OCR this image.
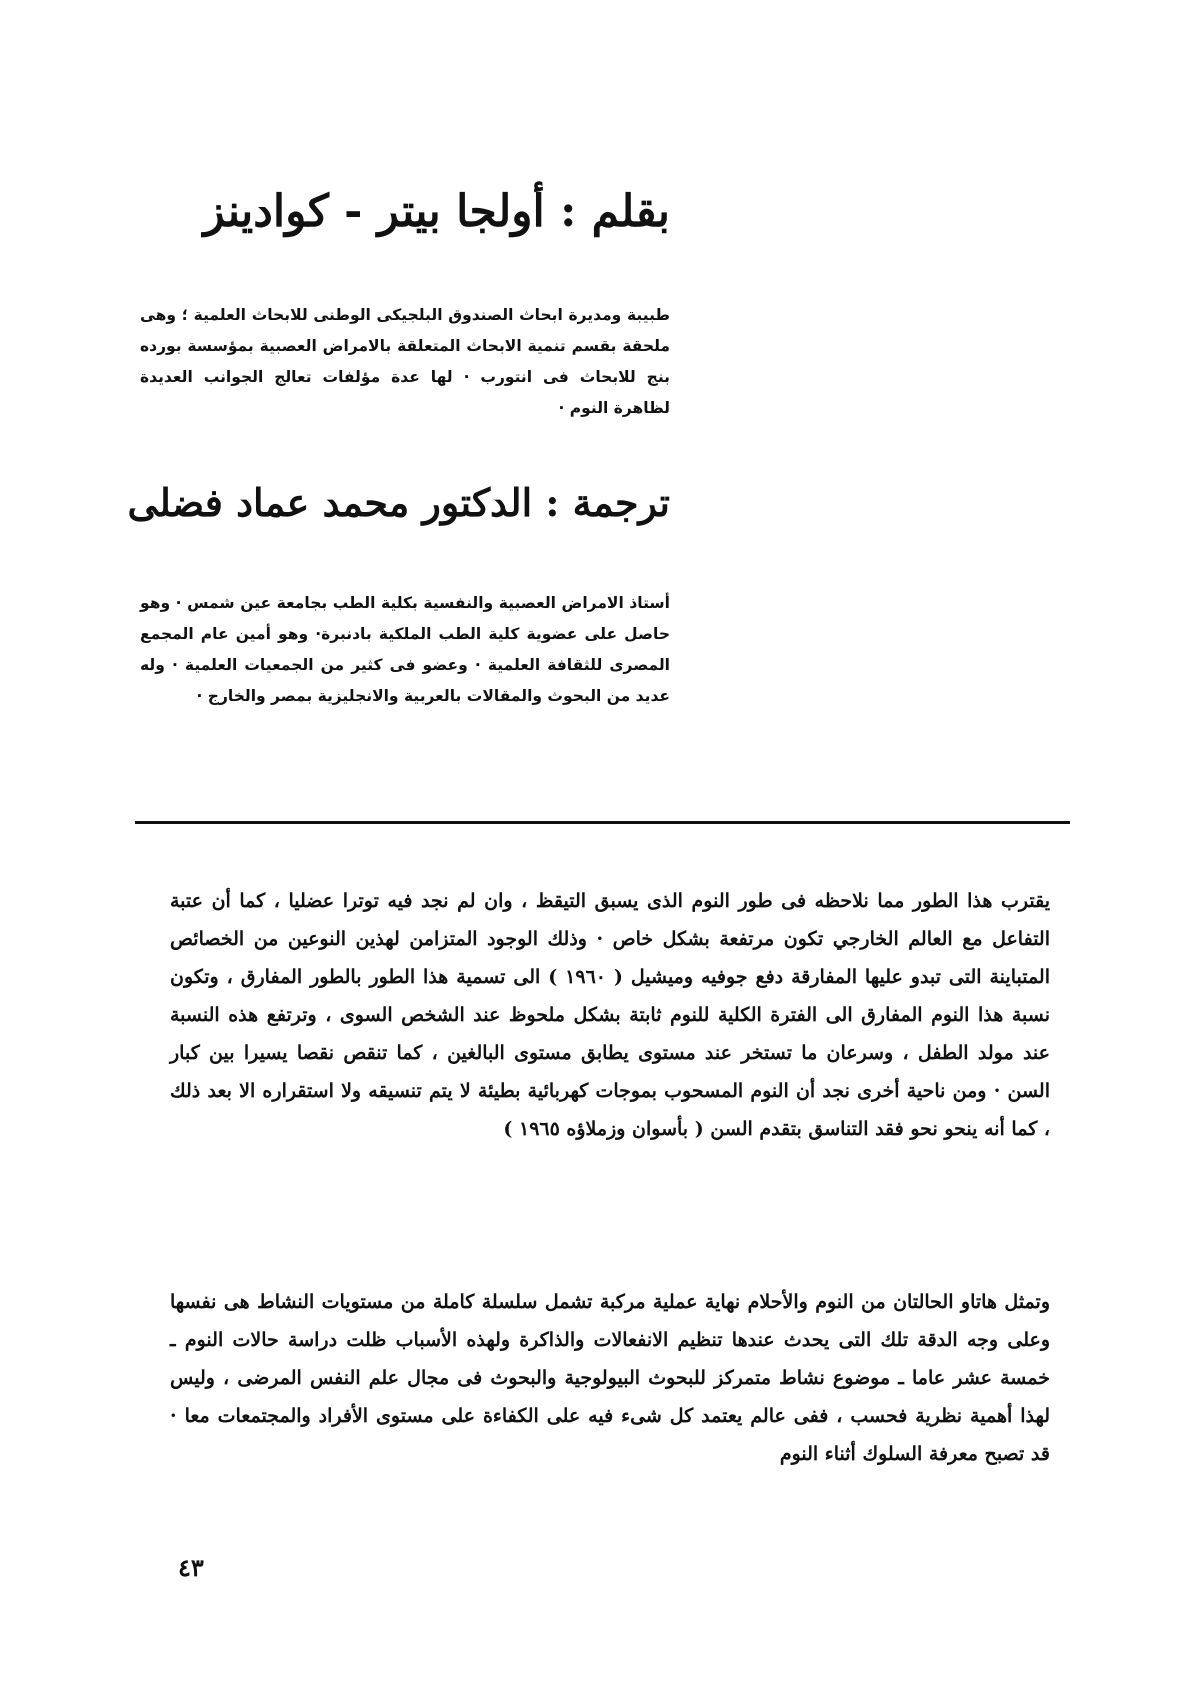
بقلم : أولجا بيتر - كوادينز

طبيبة ومديرة ابحاث الصندوق البلجيكى الوطنى للابحاث العلمية ؛ وهى ملحقة بقسم تنمية الابحاث المتعلقة بالامراض العصبية بمؤسسة بورده بنج للابحاث فى انتورب · لها عدة مؤلفات تعالج الجوانب العديدة لظاهرة النوم ·

ترجمة : الدكتور محمد عماد فضلى

أستاذ الامراض العصبية والنفسية بكلية الطب بجامعة عين شمس · وهو حاصل على عضوية كلية الطب الملكية بادنبرة· وهو أمين عام المجمع المصرى للثقافة العلمية · وعضو فى كثير من الجمعيات العلمية · وله عديد من البحوث والمقالات بالعربية والانجليزية بمصر والخارج ·

يقترب هذا الطور مما نلاحظه فى طور النوم الذى يسبق التيقظ ، وان لم نجد فيه توترا عضليا ، كما أن عتبة التفاعل مع العالم الخارجي تكون مرتفعة بشكل خاص · وذلك الوجود المتزامن لهذين النوعين من الخصائص المتباينة التى تبدو عليها المفارقة دفع جوفيه وميشيل ( ١٩٦٠ ) الى تسمية هذا الطور بالطور المفارق ، وتكون نسبة هذا النوم المفارق الى الفترة الكلية للنوم ثابتة بشكل ملحوظ عند الشخص السوى ، وترتفع هذه النسبة عند مولد الطفل ، وسرعان ما تستخر عند مستوى يطابق مستوى البالغين ، كما تنقص نقصا يسيرا بين كبار السن · ومن ناحية أخرى نجد أن النوم المسحوب بموجات كهربائية بطيئة لا يتم تنسيقه ولا استقراره الا بعد ذلك ، كما أنه ينحو نحو فقد التناسق بتقدم السن ( بأسوان وزملاؤه ١٩٦٥ )

وتمثل هاتاو الحالتان من النوم والأحلام نهاية عملية مركبة تشمل سلسلة كاملة من مستويات النشاط هى نفسها وعلى وجه الدقة تلك التى يحدث عندها تنظيم الانفعالات والذاكرة ولهذه الأسباب ظلت دراسة حالات النوم ـ خمسة عشر عاما ـ موضوع نشاط متمركز للبحوث البيولوجية والبحوث فى مجال علم النفس المرضى ، وليس لهذا أهمية نظرية فحسب ، ففى عالم يعتمد كل شىء فيه على الكفاءة على مستوى الأفراد والمجتمعات معا · قد تصبح معرفة السلوك أثناء النوم

٤٣
